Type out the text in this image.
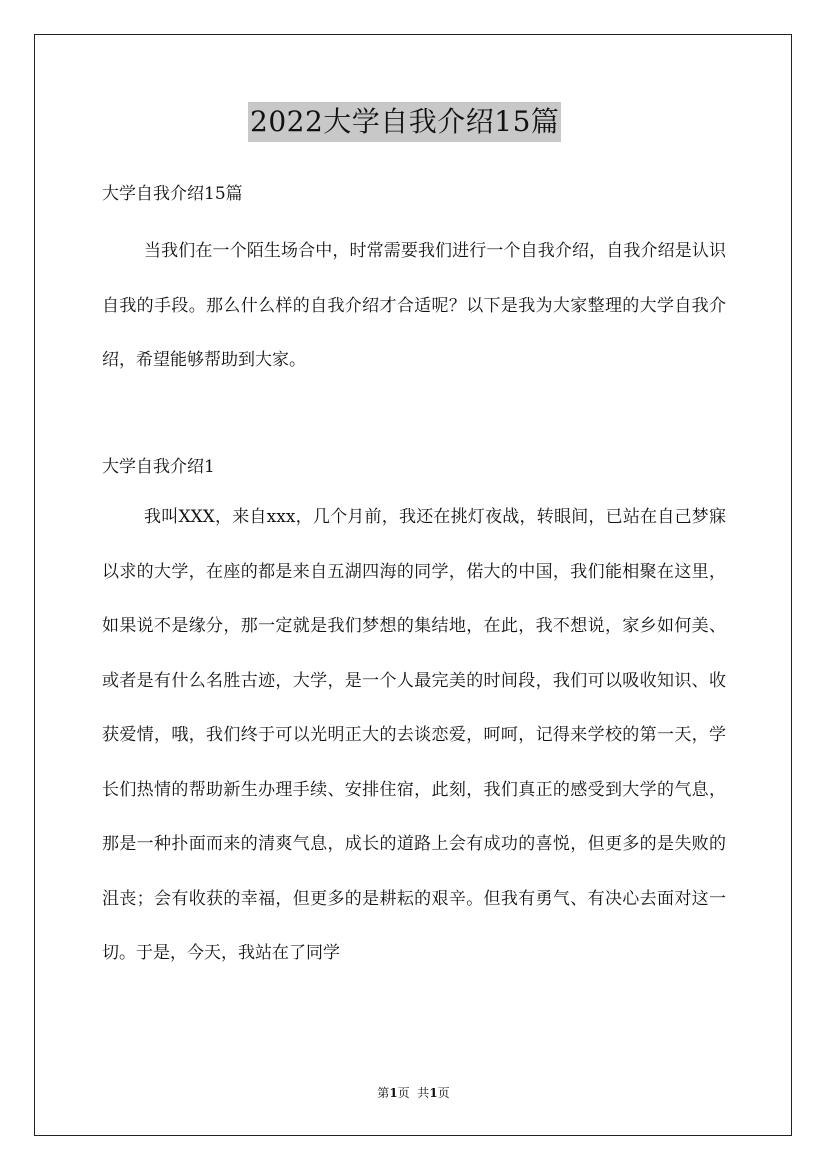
2022大学自我介绍15篇
大学自我介绍15篇
当我们在一个陌生场合中，时常需要我们进行一个自我介绍，自我介绍是认识自我的手段。那么什么样的自我介绍才合适呢？以下是我为大家整理的大学自我介绍，希望能够帮助到大家。
大学自我介绍1
我叫XXX，来自xxx，几个月前，我还在挑灯夜战，转眼间，已站在自己梦寐以求的大学，在座的都是来自五湖四海的同学，偌大的中国，我们能相聚在这里，如果说不是缘分，那一定就是我们梦想的集结地，在此，我不想说，家乡如何美、或者是有什么名胜古迹，大学，是一个人最完美的时间段，我们可以吸收知识、收获爱情，哦，我们终于可以光明正大的去谈恋爱，呵呵，记得来学校的第一天，学长们热情的帮助新生办理手续、安排住宿，此刻，我们真正的感受到大学的气息，那是一种扑面而来的清爽气息，成长的道路上会有成功的喜悦，但更多的是失败的沮丧；会有收获的幸福，但更多的是耕耘的艰辛。但我有勇气、有决心去面对这一切。于是，今天，我站在了同学
第1页  共1页
